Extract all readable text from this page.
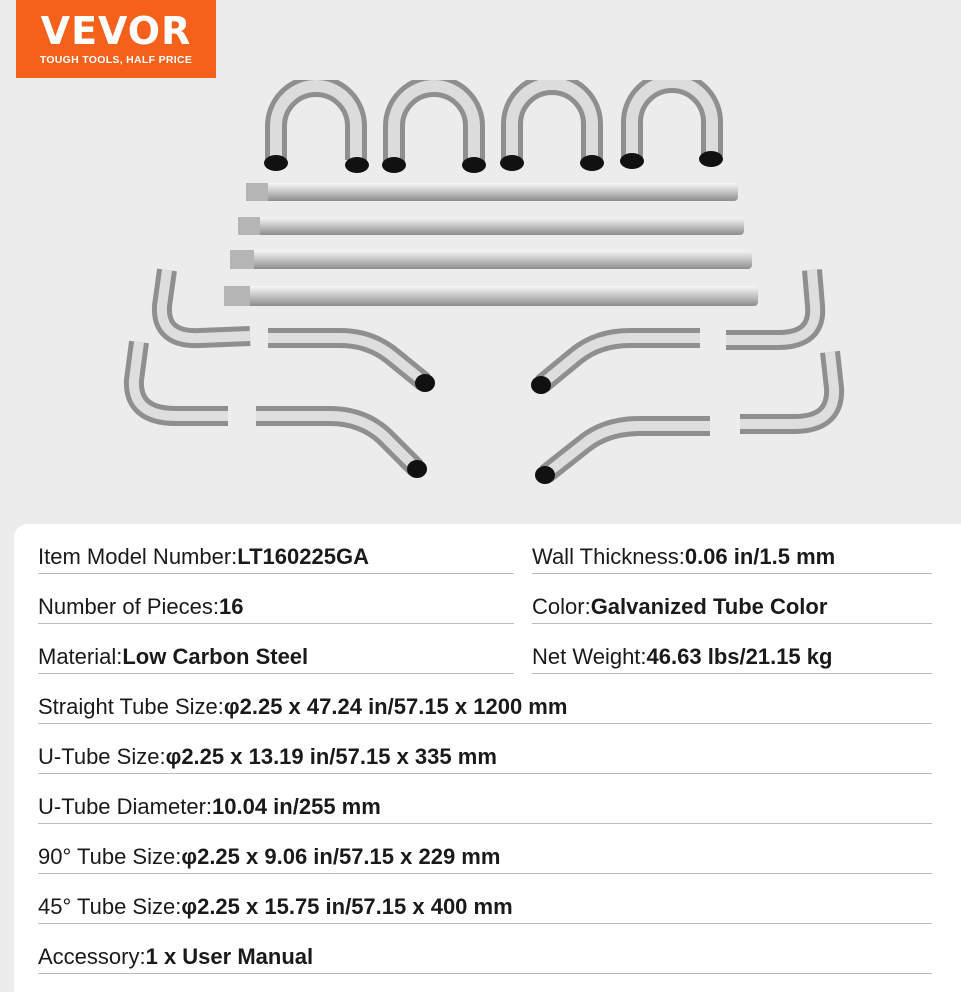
VEVOR
TOUGH TOOLS, HALF PRICE
Item Model Number: LT160225GA	Wall Thickness: 0.06 in/1.5 mm
Number of Pieces: 16	Color: Galvanized Tube Color
Material: Low Carbon Steel	Net Weight: 46.63 lbs/21.15 kg
Straight Tube Size: φ2.25 x 47.24 in/57.15 x 1200 mm
U-Tube Size: φ2.25 x 13.19 in/57.15 x 335 mm
U-Tube Diameter: 10.04 in/255 mm
90° Tube Size: φ2.25 x 9.06 in/57.15 x 229 mm
45° Tube Size: φ2.25 x 15.75 in/57.15 x 400 mm
Accessory: 1 x User Manual
